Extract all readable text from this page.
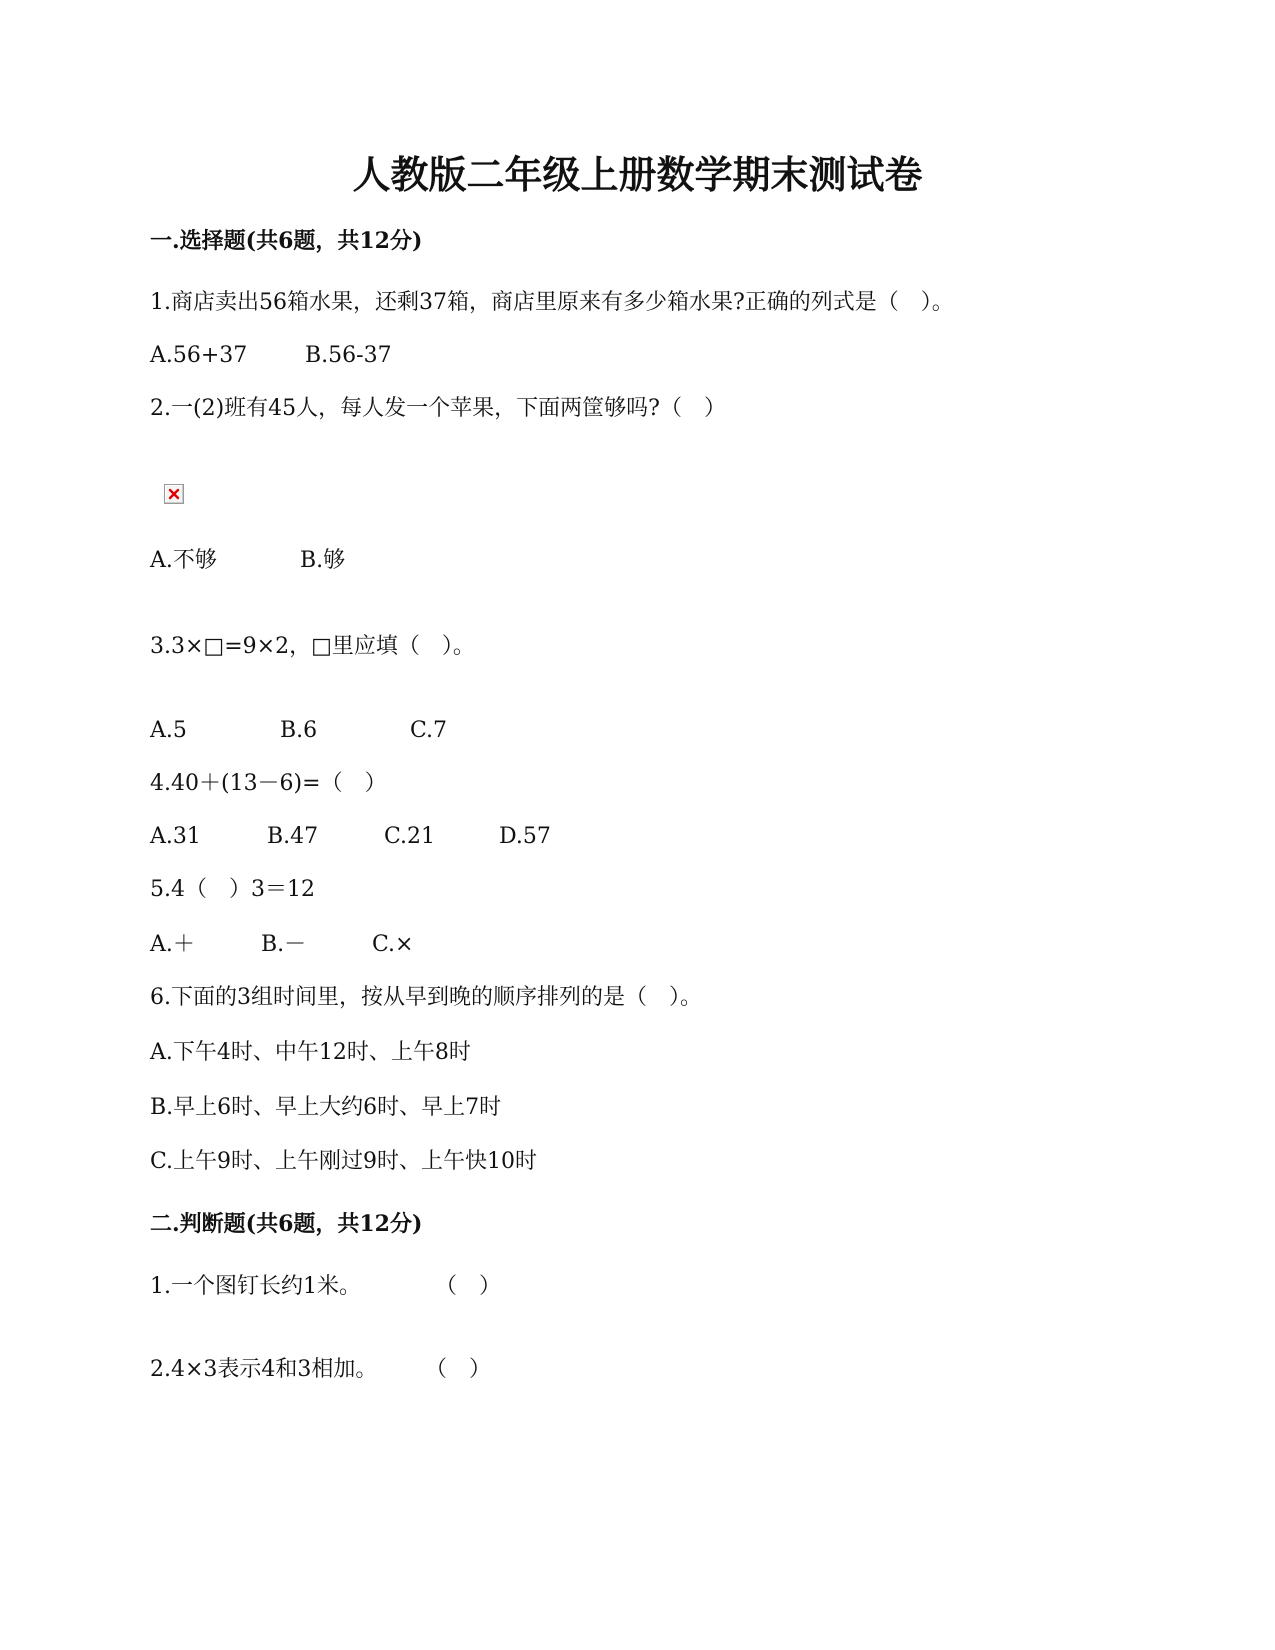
人教版二年级上册数学期末测试卷
一.选择题(共6题，共12分)
1.商店卖出56箱水果，还剩37箱，商店里原来有多少箱水果?正确的列式是（　）。
A.56+37	B.56-37
2.一(2)班有45人，每人发一个苹果，下面两筐够吗?（　）
A.不够	B.够
3.3×□=9×2，□里应填（　）。
A.5	B.6	C.7
4.40＋(13－6)=（　）
A.31	B.47	C.21	D.57
5.4（　）3＝12
A.＋	B.－	C.×
6.下面的3组时间里，按从早到晚的顺序排列的是（　）。
A.下午4时、中午12时、上午8时
B.早上6时、早上大约6时、早上7时
C.上午9时、上午刚过9时、上午快10时
二.判断题(共6题，共12分)
1.一个图钉长约1米。	（　）
2.4×3表示4和3相加。	（　）
